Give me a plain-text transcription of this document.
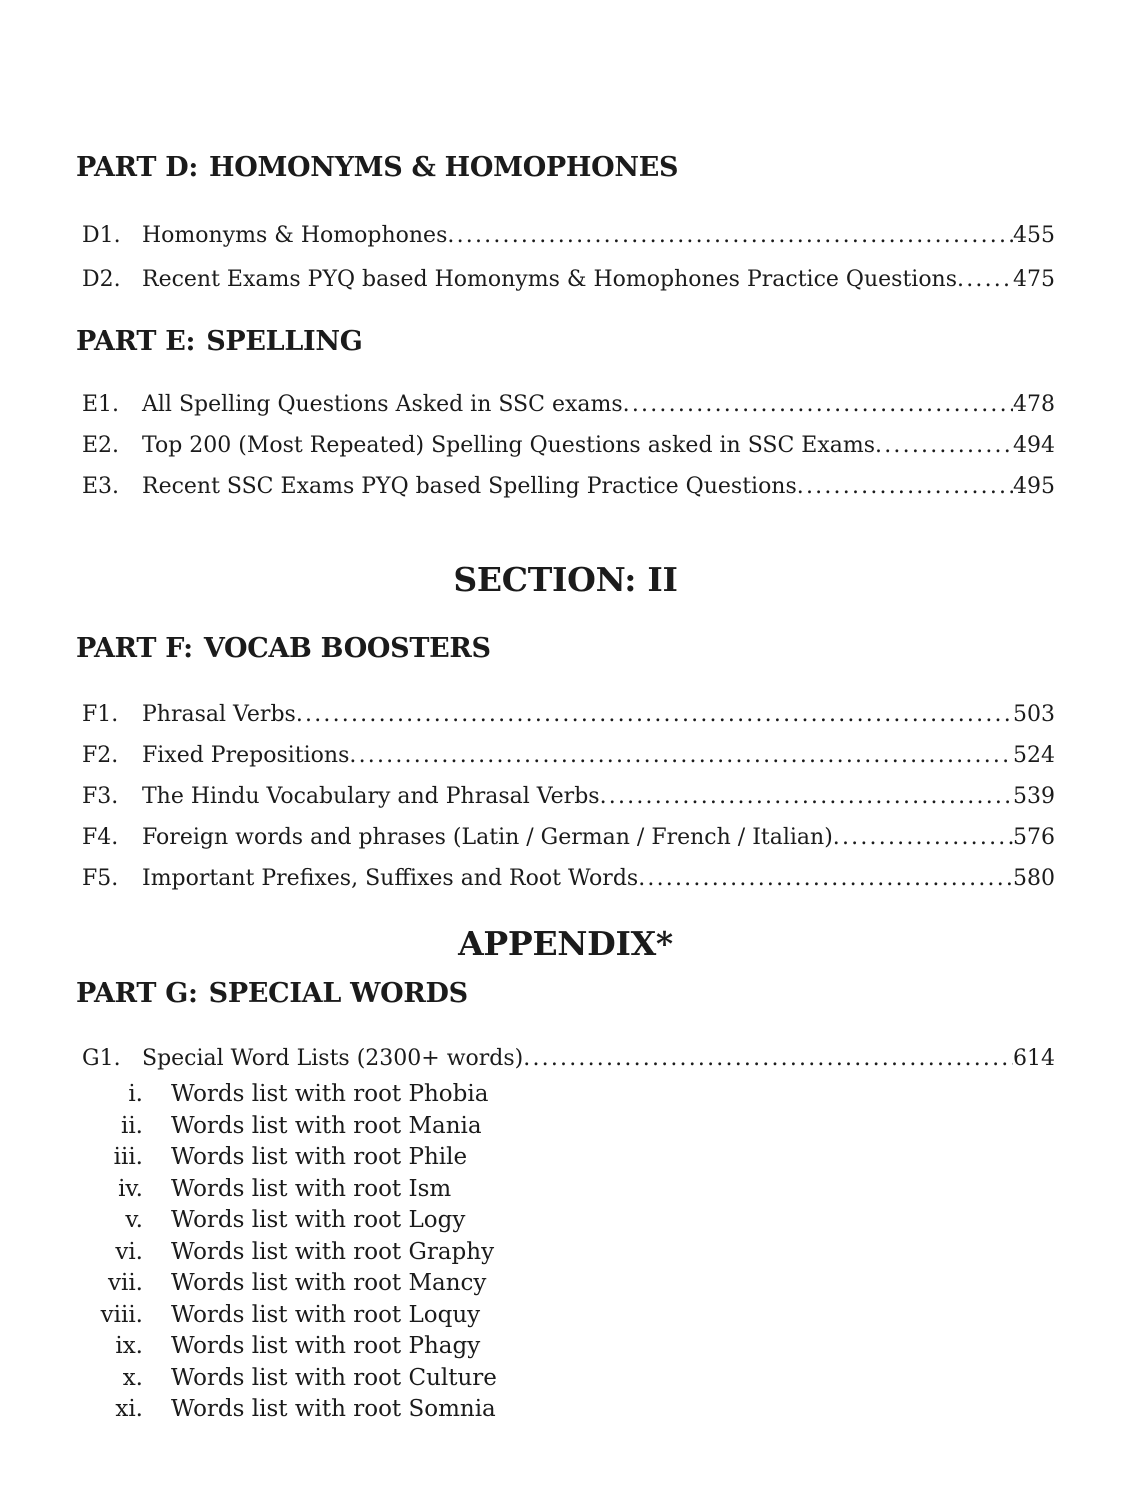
PART D: HOMONYMS & HOMOPHONES
D1. Homonyms & Homophones .....	455
D2. Recent Exams PYQ based Homonyms & Homophones Practice Questions .....	475
PART E: SPELLING
E1.	All Spelling Questions Asked in SSC exams .....	478
E2.	Top 200 (Most Repeated) Spelling Questions asked in SSC Exams .....	494
E3.	Recent SSC Exams PYQ based Spelling Practice Questions .....	495
SECTION: II
PART F: VOCAB BOOSTERS
F1.	Phrasal Verbs .....	503
F2.	Fixed Prepositions .....	524
F3.	The Hindu Vocabulary and Phrasal Verbs .....	539
F4.	Foreign words and phrases (Latin / German / French / Italian) .....	576
F5.	Important Prefixes, Suffixes and Root Words .....	580
APPENDIX*
PART G: SPECIAL WORDS
G1. Special Word Lists (2300+ words) .....	614
i. Words list with root Phobia
ii. Words list with root Mania
iii. Words list with root Phile
iv. Words list with root Ism
v. Words list with root Logy
vi. Words list with root Graphy
vii. Words list with root Mancy
viii. Words list with root Loquy
ix. Words list with root Phagy
x. Words list with root Culture
xi. Words list with root Somnia
